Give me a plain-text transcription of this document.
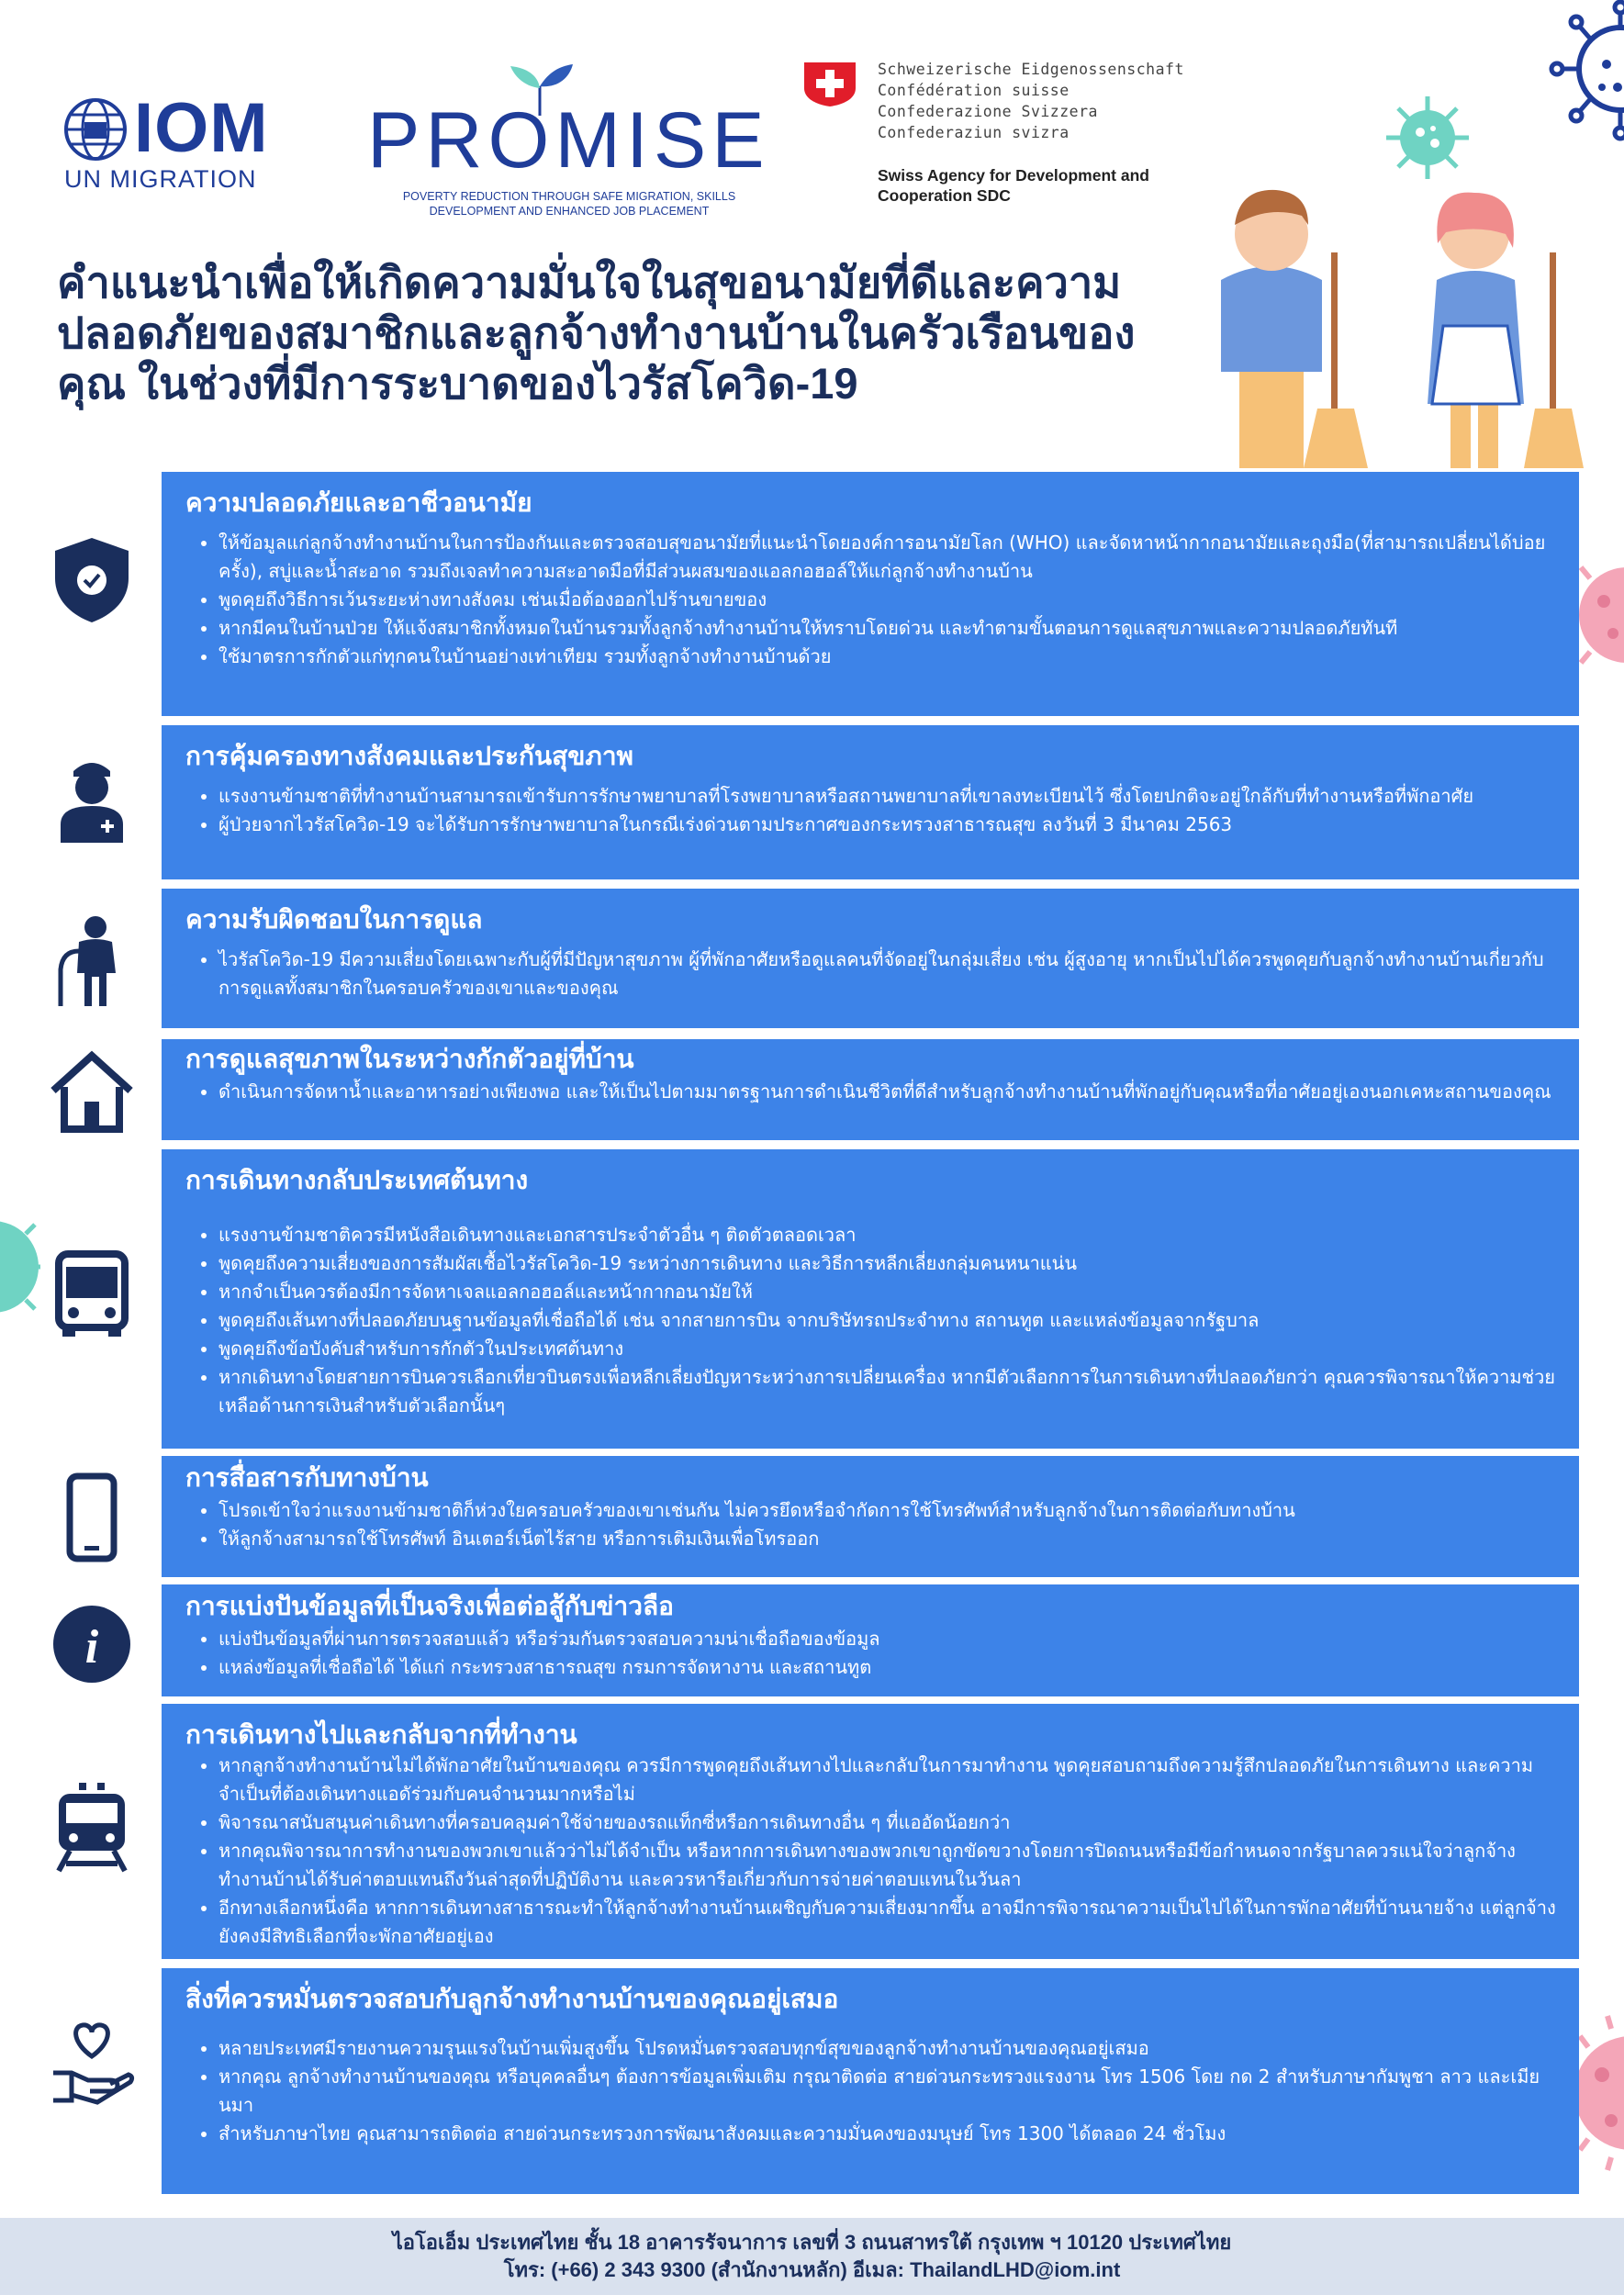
IOM
UN MIGRATION PROMISE
POVERTY REDUCTION THROUGH SAFE MIGRATION, SKILLS DEVELOPMENT AND ENHANCED JOB PLACEMENT
Schweizerische Eidgenossenschaft
Confédération suisse
Confederazione Svizzera
Confederaziun svizra
Swiss Agency for Development and Cooperation SDC
คำแนะนำเพื่อให้เกิดความมั่นใจในสุขอนามัยที่ดีและความปลอดภัยของสมาชิกและลูกจ้างทำงานบ้านในครัวเรือนของคุณ ในช่วงที่มีการระบาดของไวรัสโควิด-19
ความปลอดภัยและอาชีวอนามัย
• ให้ข้อมูลแก่ลูกจ้างทำงานบ้านในการป้องกันและตรวจสอบสุขอนามัยที่แนะนำโดยองค์การอนามัยโลก (WHO) และจัดหาหน้ากากอนามัยและถุงมือ(ที่สามารถเปลี่ยนได้บ่อยครั้ง), สบู่และน้ำสะอาด รวมถึงเจลทำความสะอาดมือที่มีส่วนผสมของแอลกอฮอล์ให้แก่ลูกจ้างทำงานบ้าน
• พูดคุยถึงวิธีการเว้นระยะห่างทางสังคม เช่นเมื่อต้องออกไปร้านขายของ
• หากมีคนในบ้านป่วย ให้แจ้งสมาชิกทั้งหมดในบ้านรวมทั้งลูกจ้างทำงานบ้านให้ทราบโดยด่วน และทำตามขั้นตอนการดูแลสุขภาพและความปลอดภัยทันที
• ใช้มาตรการกักตัวแก่ทุกคนในบ้านอย่างเท่าเทียม รวมทั้งลูกจ้างทำงานบ้านด้วย
การคุ้มครองทางสังคมและประกันสุขภาพ
• แรงงานข้ามชาติที่ทำงานบ้านสามารถเข้ารับการรักษาพยาบาลที่โรงพยาบาลหรือสถานพยาบาลที่เขาลงทะเบียนไว้ ซึ่งโดยปกติจะอยู่ใกล้กับที่ทำงานหรือที่พักอาศัย
• ผู้ป่วยจากไวรัสโควิด-19 จะได้รับการรักษาพยาบาลในกรณีเร่งด่วนตามประกาศของกระทรวงสาธารณสุข ลงวันที่ 3 มีนาคม 2563
ความรับผิดชอบในการดูแล
• ไวรัสโควิด-19 มีความเสี่ยงโดยเฉพาะกับผู้ที่มีปัญหาสุขภาพ ผู้ที่พักอาศัยหรือดูแลคนที่จัดอยู่ในกลุ่มเสี่ยง เช่น ผู้สูงอายุ หากเป็นไปได้ควรพูดคุยกับลูกจ้างทำงานบ้านเกี่ยวกับการดูแลทั้งสมาชิกในครอบครัวของเขาและของคุณ
การดูแลสุขภาพในระหว่างกักตัวอยู่ที่บ้าน
• ดำเนินการจัดหาน้ำและอาหารอย่างเพียงพอ และให้เป็นไปตามมาตรฐานการดำเนินชีวิตที่ดีสำหรับลูกจ้างทำงานบ้านที่พักอยู่กับคุณหรือที่อาศัยอยู่เองนอกเคหะสถานของคุณ
การเดินทางกลับประเทศต้นทาง
• แรงงานข้ามชาติควรมีหนังสือเดินทางและเอกสารประจำตัวอื่น ๆ ติดตัวตลอดเวลา
• พูดคุยถึงความเสี่ยงของการสัมผัสเชื้อไวรัสโควิด-19 ระหว่างการเดินทาง และวิธีการหลีกเลี่ยงกลุ่มคนหนาแน่น
• หากจำเป็นควรต้องมีการจัดหาเจลแอลกอฮอล์และหน้ากากอนามัยให้
• พูดคุยถึงเส้นทางที่ปลอดภัยบนฐานข้อมูลที่เชื่อถือได้ เช่น จากสายการบิน จากบริษัทรถประจำทาง สถานทูต และแหล่งข้อมูลจากรัฐบาล
• พูดคุยถึงข้อบังคับสำหรับการกักตัวในประเทศต้นทาง
• หากเดินทางโดยสายการบินควรเลือกเที่ยวบินตรงเพื่อหลีกเลี่ยงปัญหาระหว่างการเปลี่ยนเครื่อง หากมีตัวเลือกการในการเดินทางที่ปลอดภัยกว่า คุณควรพิจารณาให้ความช่วยเหลือด้านการเงินสำหรับตัวเลือกนั้นๆ
การสื่อสารกับทางบ้าน
• โปรดเข้าใจว่าแรงงานข้ามชาติก็ห่วงใยครอบครัวของเขาเช่นกัน ไม่ควรยึดหรือจำกัดการใช้โทรศัพท์สำหรับลูกจ้างในการติดต่อกับทางบ้าน
• ให้ลูกจ้างสามารถใช้โทรศัพท์ อินเตอร์เน็ตไร้สาย หรือการเติมเงินเพื่อโทรออก
การแบ่งปันข้อมูลที่เป็นจริงเพื่อต่อสู้กับข่าวลือ
• แบ่งปันข้อมูลที่ผ่านการตรวจสอบแล้ว หรือร่วมกันตรวจสอบความน่าเชื่อถือของข้อมูล
• แหล่งข้อมูลที่เชื่อถือได้ ได้แก่ กระทรวงสาธารณสุข กรมการจัดหางาน และสถานทูต
i
การเดินทางไปและกลับจากที่ทำงาน
• หากลูกจ้างทำงานบ้านไม่ได้พักอาศัยในบ้านของคุณ ควรมีการพูดคุยถึงเส้นทางไปและกลับในการมาทำงาน พูดคุยสอบถามถึงความรู้สึกปลอดภัยในการเดินทาง และความจำเป็นที่ต้องเดินทางแอดัร่วมกับคนจำนวนมากหรือไม่
• พิจารณาสนับสนุนค่าเดินทางที่ครอบคลุมค่าใช้จ่ายของรถแท็กซี่หรือการเดินทางอื่น ๆ ที่แออัดน้อยกว่า
• หากคุณพิจารณาการทำงานของพวกเขาแล้วว่าไม่ได้จำเป็น หรือหากการเดินทางของพวกเขาถูกขัดขวางโดยการปิดถนนหรือมีข้อกำหนดจากรัฐบาลควรแน่ใจว่าลูกจ้างทำงานบ้านได้รับค่าตอบแทนถึงวันล่าสุดที่ปฏิบัติงาน และควรหารือเกี่ยวกับการจ่ายค่าตอบแทนในวันลา
• อีกทางเลือกหนึ่งคือ หากการเดินทางสาธารณะทำให้ลูกจ้างทำงานบ้านเผชิญกับความเสี่ยงมากขึ้น อาจมีการพิจารณาความเป็นไปได้ในการพักอาศัยที่บ้านนายจ้าง แต่ลูกจ้างยังคงมีสิทธิเลือกที่จะพักอาศัยอยู่เอง
สิ่งที่ควรหมั่นตรวจสอบกับลูกจ้างทำงานบ้านของคุณอยู่เสมอ
• หลายประเทศมีรายงานความรุนแรงในบ้านเพิ่มสูงขึ้น โปรดหมั่นตรวจสอบทุกข์สุขของลูกจ้างทำงานบ้านของคุณอยู่เสมอ
• หากคุณ ลูกจ้างทำงานบ้านของคุณ หรือบุคคลอื่นๆ ต้องการข้อมูลเพิ่มเติม กรุณาติดต่อ สายด่วนกระทรวงแรงงาน โทร 1506 โดย กด 2 สำหรับภาษากัมพูชา ลาว และเมียนมา
• สำหรับภาษาไทย คุณสามารถติดต่อ สายด่วนกระทรวงการพัฒนาสังคมและความมั่นคงของมนุษย์ โทร 1300 ได้ตลอด 24 ชั่วโมง
ไอโอเอ็ม ประเทศไทย ชั้น 18 อาคารรัจนาการ เลขที่ 3 ถนนสาทรใต้ กรุงเทพ ฯ 10120 ประเทศไทย
โทร: (+66) 2 343 9300 (สำนักงานหลัก) อีเมล: ThailandLHD@iom.int
